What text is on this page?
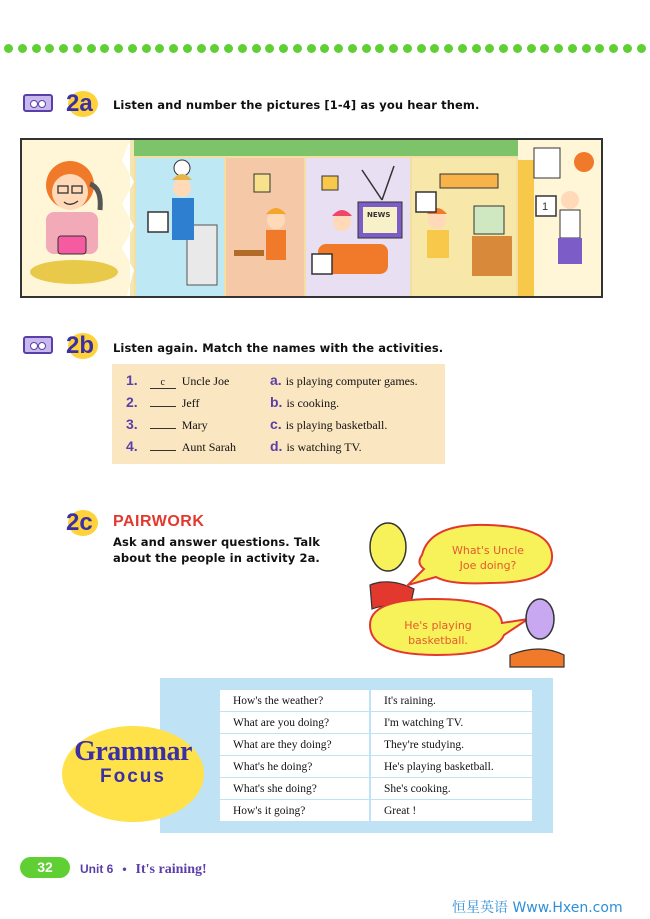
2a Listen and number the pictures [1-4] as you hear them.
NEWS
1
2b Listen again. Match the names with the activities.
1. c Uncle Joe
2.	Jeff
3.	Mary
4.	Aunt Sarah
a. is playing computer games.
b. is cooking.
c. is playing basketball.
d. is watching TV.
2c PAIRWORK
Ask and answer questions. Talk
about the people in activity 2a.
What's Uncle
Joe doing?
He's playing
basketball.
How's the weather?	It's raining.
What are you doing?	I'm watching TV.
What are they doing?	They're studying.
What's he doing?	He's playing basketball.
What's she doing?	She's cooking.
How's it going?	Great !
Grammar
Focus
32	Unit 6 • It's raining!
恒星英语 Www.Hxen.com
